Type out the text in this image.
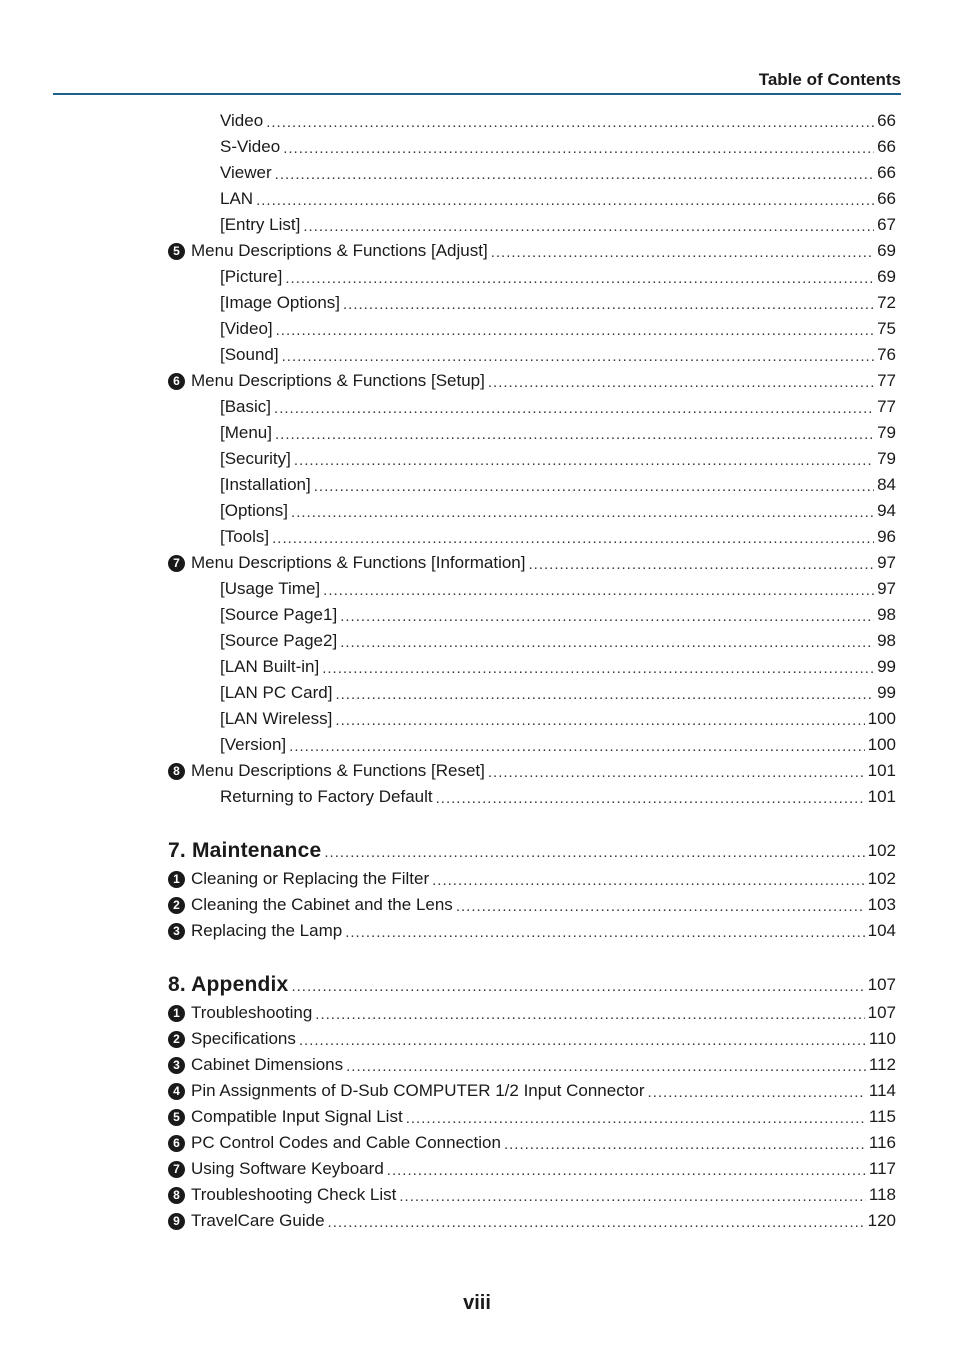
Table of Contents
Video .....	66
S-Video .....	66
Viewer .....	66
LAN .....	66
[Entry List] .....	67
5 Menu Descriptions & Functions [Adjust] .....	69
[Picture] .....	69
[Image Options] .....	72
[Video] .....	75
[Sound] .....	76
6 Menu Descriptions & Functions [Setup] .....	77
[Basic] .....	77
[Menu] .....	79
[Security] .....	79
[Installation] .....	84
[Options] .....	94
[Tools] .....	96
7 Menu Descriptions & Functions [Information] .....	97
[Usage Time] .....	97
[Source Page1] .....	98
[Source Page2] .....	98
[LAN Built-in] .....	99
[LAN PC Card] .....	99
[LAN Wireless] .....	100
[Version] .....	100
8 Menu Descriptions & Functions [Reset] .....	101
Returning to Factory Default .....	101
7. Maintenance .....	102
1 Cleaning or Replacing the Filter .....	102
2 Cleaning the Cabinet and the Lens .....	103
3 Replacing the Lamp .....	104
8. Appendix .....	107
1 Troubleshooting .....	107
2 Specifications .....	110
3 Cabinet Dimensions .....	112
4 Pin Assignments of D-Sub COMPUTER 1/2 Input Connector .....	114
5 Compatible Input Signal List .....	115
6 PC Control Codes and Cable Connection .....	116
7 Using Software Keyboard .....	117
8 Troubleshooting Check List .....	118
9 TravelCare Guide .....	120
viii
